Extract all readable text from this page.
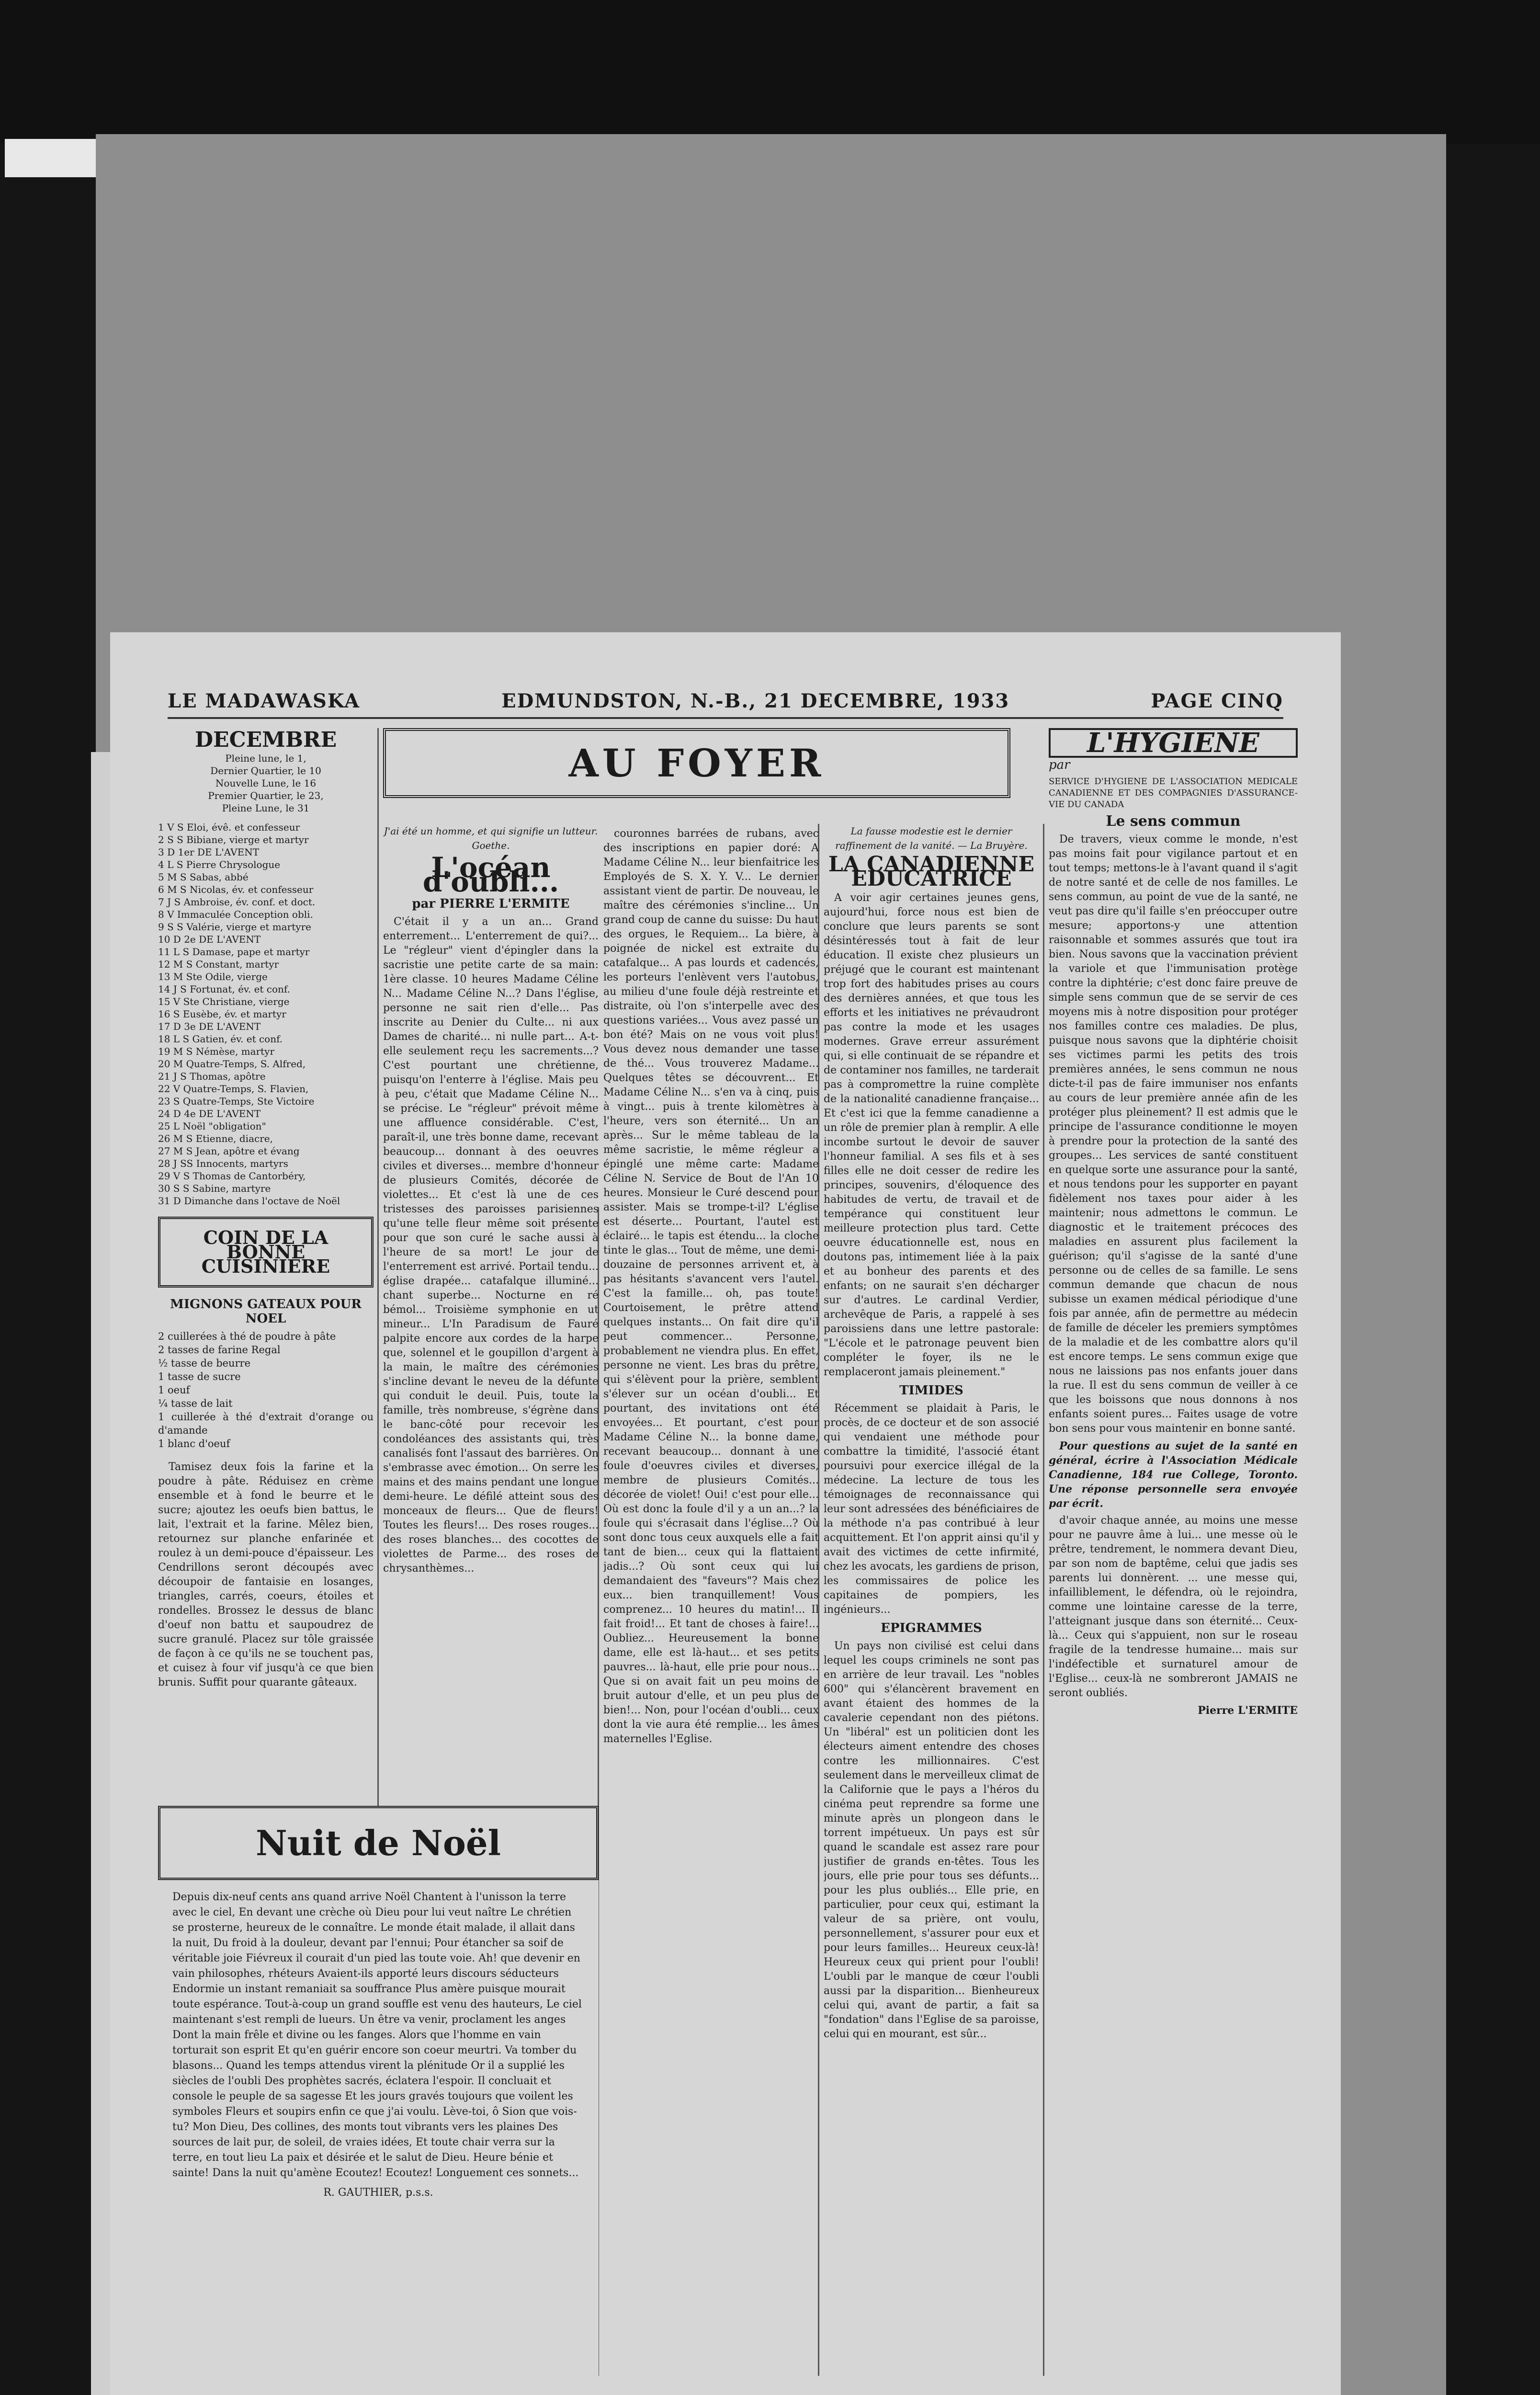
LE MADAWASKA	EDMUNDSTON, N.-B., 21 DECEMBRE, 1933	PAGE CINQ
DECEMBRE
Pleine lune, le 1,
Dernier Quartier, le 10
Nouvelle Lune, le 16
Premier Quartier, le 23,
Pleine Lune, le 31
1 V S Eloi, évê. et confesseur
2 S S Bibiane, vierge et martyr
3 D 1er DE L'AVENT
4 L S Pierre Chrysologue
5 M S Sabas, abbé
6 M S Nicolas, év. et confesseur
7 J S Ambroise, év. conf. et doct.
8 V Immaculée Conception obli.
9 S S Valérie, vierge et martyre
10 D 2e DE L'AVENT
11 L S Damase, pape et martyr
12 M S Constant, martyr
13 M Ste Odile, vierge
14 J S Fortunat, év. et conf.
15 V Ste Christiane, vierge
16 S Eusèbe, év. et martyr
17 D 3e DE L'AVENT
18 L S Gatien, év. et conf.
19 M S Némèse, martyr
20 M Quatre-Temps, S. Alfred,
21 J S Thomas, apôtre
22 V Quatre-Temps, S. Flavien,
23 S Quatre-Temps, Ste Victoire
24 D 4e DE L'AVENT
25 L Noël "obligation"
26 M S Etienne, diacre,
27 M S Jean, apôtre et évang
28 J SS Innocents, martyrs
29 V S Thomas de Cantorbéry,
30 S S Sabine, martyre
31 D Dimanche dans l'octave de Noël
COIN DE LA BONNE CUISINIERE
MIGNONS GATEAUX POUR NOEL
2 cuillerées à thé de poudre à pâte
2 tasses de farine Regal
½ tasse de beurre
1 tasse de sucre
1 oeuf
¼ tasse de lait
1 cuillerée à thé d'extrait d'orange ou d'amande
1 blanc d'oeuf

Tamisez deux fois la farine et la poudre à pâte. Réduisez en crème ensemble et à fond le beurre et le sucre; ajoutez les oeufs bien battus, le lait, l'extrait et la farine. Mêlez bien, retournez sur planche enfarinée et roulez à un demi-pouce d'épaisseur. Les Cendrillons seront découpés avec découpoir de fantaisie en losanges, triangles, carrés, coeurs, étoiles et rondelles. Brossez le dessus de blanc d'oeuf non battu et saupoudrez de sucre granulé. Placez sur tôle graissée de façon à ce qu'ils ne se touchent pas, et cuisez à four vif jusqu'à ce que bien brunis. Suffit pour quarante gâteaux.

AU FOYER

J'ai été un homme, et qui signifie un lutteur. Goethe.

L'océan d'oubli...
par PIERRE L'ERMITE

C'était il y a un an... Grand enterrement... L'enterrement de qui?... Le "régleur" vient d'épingler dans la sacristie une petite carte de sa main: 1ère classe. 10 heures Madame Céline N... Madame Céline N...? Dans l'église, personne ne sait rien d'elle... Pas inscrite au Denier du Culte... ni aux Dames de charité... ni nulle part... A-t-elle seulement reçu les sacrements...? C'est pourtant une chrétienne, puisqu'on l'enterre à l'église. Mais peu à peu, c'était que Madame Céline N... se précise. Le "régleur" prévoit même une affluence considérable. C'est, paraît-il, une très bonne dame, recevant beaucoup... donnant à des oeuvres civiles et diverses... membre d'honneur de plusieurs Comités, décorée de violettes... Et c'est là une de ces tristesses des paroisses parisiennes qu'une telle fleur même soit présente pour que son curé le sache aussi à l'heure de sa mort! Le jour de l'enterrement est arrivé. Portail tendu... église drapée... catafalque illuminé... chant superbe... Nocturne en ré bémol... Troisième symphonie en ut mineur... L'In Paradisum de Fauré palpite encore aux cordes de la harpe que, solennel et le goupillon d'argent à la main, le maître des cérémonies s'incline devant le neveu de la défunte qui conduit le deuil. Puis, toute la famille, très nombreuse, s'égrène dans le banc-côté pour recevoir les condoléances des assistants qui, très canalisés font l'assaut des barrières. On s'embrasse avec émotion... On serre les mains et des mains pendant une longue demi-heure. Le défilé atteint sous des monceaux de fleurs... Que de fleurs! Toutes les fleurs!... Des roses rouges... des roses blanches... des cocottes de violettes de Parme... des roses de chrysanthèmes...

couronnes barrées de rubans, avec des inscriptions en papier doré: A Madame Céline N... leur bienfaitrice les Employés de S. X. Y. V... Le dernier assistant vient de partir. De nouveau, le maître des cérémonies s'incline... Un grand coup de canne du suisse: Du haut des orgues, le Requiem... La bière, à poignée de nickel est extraite du catafalque... A pas lourds et cadencés, les porteurs l'enlèvent vers l'autobus, au milieu d'une foule déjà restreinte et distraite, où l'on s'interpelle avec des questions variées... Vous avez passé un bon été? Mais on ne vous voit plus! Vous devez nous demander une tasse de thé... Vous trouverez Madame... Quelques têtes se découvrent... Et Madame Céline N... s'en va à cinq, puis à vingt... puis à trente kilomètres à l'heure, vers son éternité... Un an après... Sur le même tableau de la même sacristie, le même régleur a épinglé une même carte: Madame Céline N. Service de Bout de l'An 10 heures. Monsieur le Curé descend pour assister. Mais se trompe-t-il? L'église est déserte... Pourtant, l'autel est éclairé... le tapis est étendu... la cloche tinte le glas... Tout de même, une demi-douzaine de personnes arrivent et, à pas hésitants s'avancent vers l'autel. C'est la famille... oh, pas toute! Courtoisement, le prêtre attend quelques instants... On fait dire qu'il peut commencer... Personne, probablement ne viendra plus. En effet, personne ne vient. Les bras du prêtre, qui s'élèvent pour la prière, semblent s'élever sur un océan d'oubli... Et pourtant, des invitations ont été envoyées... Et pourtant, c'est pour Madame Céline N... la bonne dame, recevant beaucoup... donnant à une foule d'oeuvres civiles et diverses, membre de plusieurs Comités... décorée de violet! Oui! c'est pour elle... Où est donc la foule d'il y a un an...? la foule qui s'écrasait dans l'église...? Où sont donc tous ceux auxquels elle a fait tant de bien... ceux qui la flattaient jadis...? Où sont ceux qui lui demandaient des "faveurs"? Mais chez eux... bien tranquillement! Vous comprenez... 10 heures du matin!... Il fait froid!... Et tant de choses à faire!... Oubliez... Heureusement la bonne dame, elle est là-haut... et ses petits pauvres... là-haut, elle prie pour nous... Que si on avait fait un peu moins de bruit autour d'elle, et un peu plus de bien!... Non, pour l'océan d'oubli... ceux dont la vie aura été remplie... les âmes maternelles l'Eglise.

Nuit de Noël

Depuis dix-neuf cents ans quand arrive Noël Chantent à l'unisson la terre avec le ciel, En devant une crèche où Dieu pour lui veut naître Le chrétien se prosterne, heureux de le connaître. Le monde était malade, il allait dans la nuit, Du froid à la douleur, devant par l'ennui; Pour étancher sa soif de véritable joie Fiévreux il courait d'un pied las toute voie. Ah! que devenir en vain philosophes, rhéteurs Avaient-ils apporté leurs discours séducteurs Endormie un instant remaniait sa souffrance Plus amère puisque mourait toute espérance. Tout-à-coup un grand souffle est venu des hauteurs, Le ciel maintenant s'est rempli de lueurs. Un être va venir, proclament les anges Dont la main frêle et divine ou les fanges. Alors que l'homme en vain torturait son esprit Et qu'en guérir encore son coeur meurtri. Va tomber du blasons... Quand les temps attendus virent la plénitude Or il a supplié les siècles de l'oubli Des prophètes sacrés, éclatera l'espoir. Il concluait et console le peuple de sa sagesse Et les jours gravés toujours que voilent les symboles Fleurs et soupirs enfin ce que j'ai voulu. Lève-toi, ô Sion que vois-tu? Mon Dieu, Des collines, des monts tout vibrants vers les plaines Des sources de lait pur, de soleil, de vraies idées, Et toute chair verra sur la terre, en tout lieu La paix et désirée et le salut de Dieu. Heure bénie et sainte! Dans la nuit qu'amène Ecoutez! Ecoutez! Longuement ces sonnets...

R. GAUTHIER, p.s.s.

La fausse modestie est le dernier raffinement de la vanité. — La Bruyère.

LA CANADIENNE EDUCATRICE

A voir agir certaines jeunes gens, aujourd'hui, force nous est bien de conclure que leurs parents se sont désintéressés tout à fait de leur éducation. Il existe chez plusieurs un préjugé que le courant est maintenant trop fort des habitudes prises au cours des dernières années, et que tous les efforts et les initiatives ne prévaudront pas contre la mode et les usages modernes. Grave erreur assurément qui, si elle continuait de se répandre et de contaminer nos familles, ne tarderait pas à compromettre la ruine complète de la nationalité canadienne française... Et c'est ici que la femme canadienne a un rôle de premier plan à remplir. A elle incombe surtout le devoir de sauver l'honneur familial. A ses fils et à ses filles elle ne doit cesser de redire les principes, souvenirs, d'éloquence des habitudes de vertu, de travail et de tempérance qui constituent leur meilleure protection plus tard. Cette oeuvre éducationnelle est, nous en doutons pas, intimement liée à la paix et au bonheur des parents et des enfants; on ne saurait s'en décharger sur d'autres. Le cardinal Verdier, archevêque de Paris, a rappelé à ses paroissiens dans une lettre pastorale: "L'école et le patronage peuvent bien compléter le foyer, ils ne le remplaceront jamais pleinement."

TIMIDES

Récemment se plaidait à Paris, le procès, de ce docteur et de son associé qui vendaient une méthode pour combattre la timidité, l'associé étant poursuivi pour exercice illégal de la médecine. La lecture de tous les témoignages de reconnaissance qui leur sont adressées des bénéficiaires de la méthode n'a pas contribué à leur acquittement. Et l'on apprit ainsi qu'il y avait des victimes de cette infirmité, chez les avocats, les gardiens de prison, les commissaires de police les capitaines de pompiers, les ingénieurs...

EPIGRAMMES

Un pays non civilisé est celui dans lequel les coups criminels ne sont pas en arrière de leur travail. Les "nobles 600" qui s'élancèrent bravement en avant étaient des hommes de la cavalerie cependant non des piétons. Un "libéral" est un politicien dont les électeurs aiment entendre des choses contre les millionnaires. C'est seulement dans le merveilleux climat de la Californie que le pays a l'héros du cinéma peut reprendre sa forme une minute après un plongeon dans le torrent impétueux. Un pays est sûr quand le scandale est assez rare pour justifier de grands en-têtes. Tous les jours, elle prie pour tous ses défunts... pour les plus oubliés... Elle prie, en particulier, pour ceux qui, estimant la valeur de sa prière, ont voulu, personnellement, s'assurer pour eux et pour leurs familles... Heureux ceux-là! Heureux ceux qui prient pour l'oubli! L'oubli par le manque de cœur l'oubli aussi par la disparition... Bienheureux celui qui, avant de partir, a fait sa "fondation" dans l'Eglise de sa paroisse, celui qui en mourant, est sûr...

L'HYGIENE
par

SERVICE D'HYGIENE DE L'ASSOCIATION MEDICALE CANADIENNE ET DES COMPAGNIES D'ASSURANCE-VIE DU CANADA

Le sens commun

De travers, vieux comme le monde, n'est pas moins fait pour vigilance partout et en tout temps; mettons-le à l'avant quand il s'agit de notre santé et de celle de nos familles. Le sens commun, au point de vue de la santé, ne veut pas dire qu'il faille s'en préoccuper outre mesure; apportons-y une attention raisonnable et sommes assurés que tout ira bien. Nous savons que la vaccination prévient la variole et que l'immunisation protège contre la diphtérie; c'est donc faire preuve de simple sens commun que de se servir de ces moyens mis à notre disposition pour protéger nos familles contre ces maladies. De plus, puisque nous savons que la diphtérie choisit ses victimes parmi les petits des trois premières années, le sens commun ne nous dicte-t-il pas de faire immuniser nos enfants au cours de leur première année afin de les protéger plus pleinement? Il est admis que le principe de l'assurance conditionne le moyen à prendre pour la protection de la santé des groupes... Les services de santé constituent en quelque sorte une assurance pour la santé, et nous tendons pour les supporter en payant fidèlement nos taxes pour aider à les maintenir; nous admettons le commun. Le diagnostic et le traitement précoces des maladies en assurent plus facilement la guérison; qu'il s'agisse de la santé d'une personne ou de celles de sa famille. Le sens commun demande que chacun de nous subisse un examen médical périodique d'une fois par année, afin de permettre au médecin de famille de déceler les premiers symptômes de la maladie et de les combattre alors qu'il est encore temps. Le sens commun exige que nous ne laissions pas nos enfants jouer dans la rue. Il est du sens commun de veiller à ce que les boissons que nous donnons à nos enfants soient pures... Faites usage de votre bon sens pour vous maintenir en bonne santé.

Pour questions au sujet de la santé en général, écrire à l'Association Médicale Canadienne, 184 rue College, Toronto. Une réponse personnelle sera envoyée par écrit.

d'avoir chaque année, au moins une messe pour ne pauvre âme à lui... une messe où le prêtre, tendrement, le nommera devant Dieu, par son nom de baptême, celui que jadis ses parents lui donnèrent. ... une messe qui, infailliblement, le défendra, où le rejoindra, comme une lointaine caresse de la terre, l'atteignant jusque dans son éternité... Ceux-là... Ceux qui s'appuient, non sur le roseau fragile de la tendresse humaine... mais sur l'indéfectible et surnaturel amour de l'Eglise... ceux-là ne sombreront JAMAIS ne seront oubliés.

Pierre L'ERMITE
